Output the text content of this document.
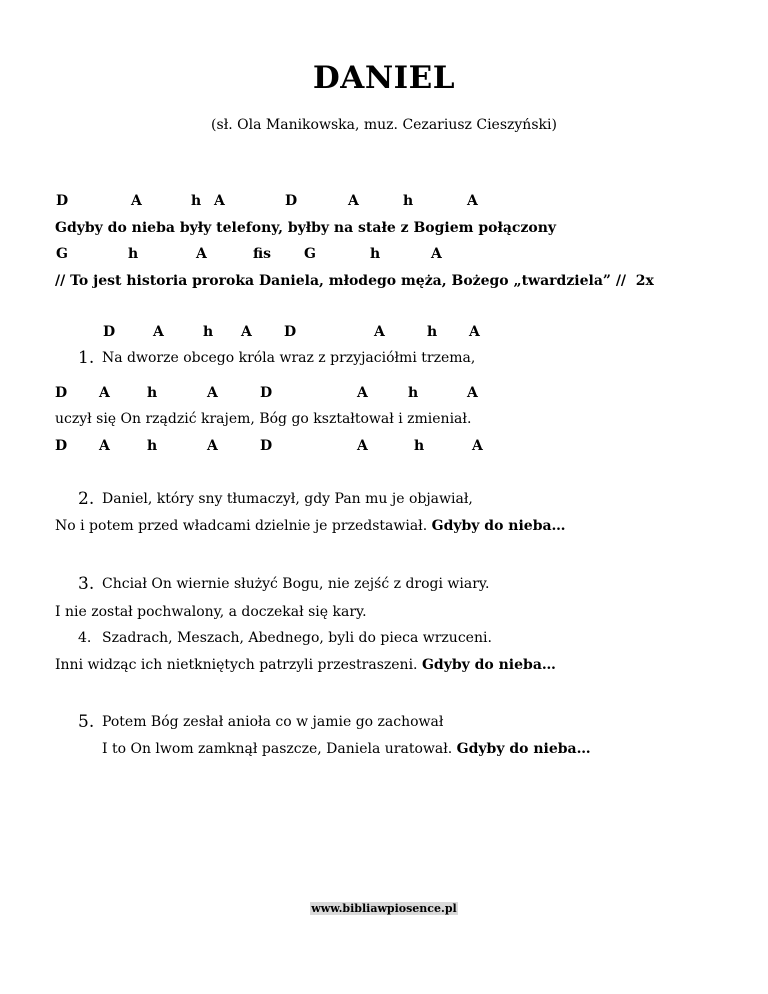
DANIEL
(sł. Ola Manikowska, muz. Cezariusz Cieszyński)
D	A	h A	D	A	h	A
Gdyby do nieba były telefony, byłby na stałe z Bogiem połączony
G	h	A	fis G	h	A
// To jest historia proroka Daniela, młodego męża, Bożego „twardziela” // 2x
D	A	h A D	A	h A
1. Na dworze obcego króla wraz z przyjaciółmi trzema,
D A	h	A	D	A	h	A
uczył się On rządzić krajem, Bóg go kształtował i zmieniał.
D A	h	A	D	A	h	A
2. Daniel, który sny tłumaczył, gdy Pan mu je objawiał,
No i potem przed władcami dzielnie je przedstawiał. Gdyby do nieba…
3. Chciał On wiernie służyć Bogu, nie zejść z drogi wiary.
I nie został pochwalony, a doczekał się kary.
4. Szadrach, Meszach, Abednego, byli do pieca wrzuceni.
Inni widząc ich nietkniętych patrzyli przestraszeni. Gdyby do nieba…
5. Potem Bóg zesłał anioła co w jamie go zachował
I to On lwom zamknął paszcze, Daniela uratował. Gdyby do nieba…
www.bibliawpiosence.pl
